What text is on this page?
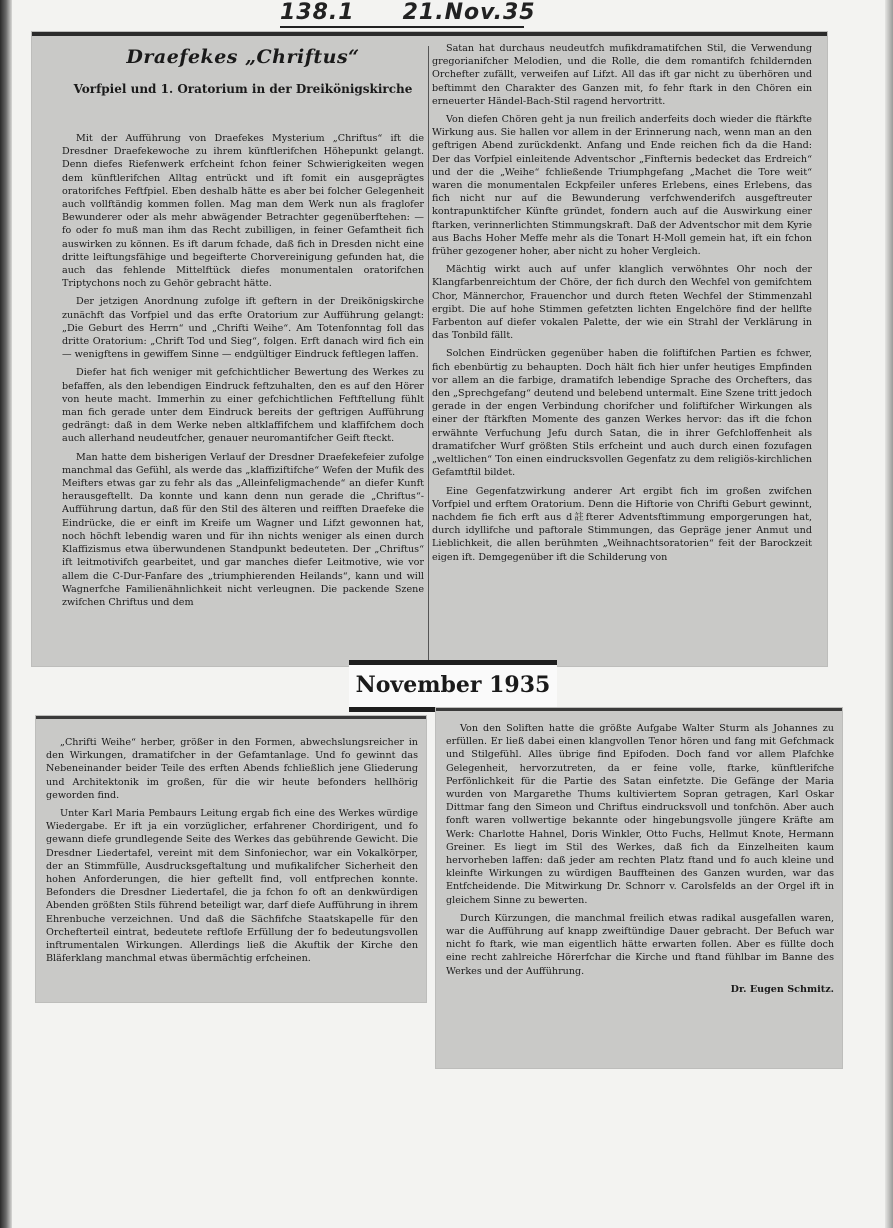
138.1 21.Nov.35
Draefekes „Chriftus“
Vorfpiel und 1. Oratorium in der Dreikönigskirche

Mit der Aufführung von Draefekes Mysterium „Chriftus“ ift die Dresdner Draefekewoche zu ihrem künftlerifchen Höhepunkt gelangt. Denn diefes Riefenwerk erfcheint fchon feiner Schwierigkeiten wegen dem künftlerifchen Alltag entrückt und ift fomit ein ausgeprägtes oratorifches Feftfpiel. Eben deshalb hätte es aber bei folcher Gelegenheit auch vollftändig kommen follen. Mag man dem Werk nun als fraglofer Bewunderer oder als mehr abwägender Betrachter gegenüberftehen: — fo oder fo muß man ihm das Recht zubilligen, in feiner Gefamtheit fich auswirken zu können. Es ift darum fchade, daß fich in Dresden nicht eine dritte leiftungsfähige und begeifterte Chorvereinigung gefunden hat, die auch das fehlende Mittelftück diefes monumentalen oratorifchen Triptychons noch zu Gehör gebracht hätte.

Der jetzigen Anordnung zufolge ift geftern in der Dreikönigskirche zunächft das Vorfpiel und das erfte Oratorium zur Aufführung gelangt: „Die Geburt des Herrn“ und „Chrifti Weihe“. Am Totenfonntag foll das dritte Oratorium: „Chrift Tod und Sieg“, folgen. Erft danach wird fich ein — wenigftens in gewiffem Sinne — endgültiger Eindruck feftlegen laffen.

Diefer hat fich weniger mit gefchichtlicher Bewertung des Werkes zu befaffen, als den lebendigen Eindruck feftzuhalten, den es auf den Hörer von heute macht. Immerhin zu einer gefchichtlichen Feftftellung fühlt man fich gerade unter dem Eindruck bereits der geftrigen Aufführung gedrängt: daß in dem Werke neben altklaffifchem und klaffifchem doch auch allerhand neudeutfcher, genauer neuromantifcher Geift fteckt.

Man hatte dem bisherigen Verlauf der Dresdner Draefekefeier zufolge manchmal das Gefühl, als werde das „klaffiziftifche“ Wefen der Mufik des Meifters etwas gar zu fehr als das „Alleinfeligmachende“ an diefer Kunft herausgeftellt. Da konnte und kann denn nun gerade die „Chriftus“-Aufführung dartun, daß für den Stil des älteren und reifften Draefeke die Eindrücke, die er einft im Kreife um Wagner und Lifzt gewonnen hat, noch höchft lebendig waren und für ihn nichts weniger als einen durch Klaffizismus etwa überwundenen Standpunkt bedeuteten. Der „Chriftus“ ift leitmotivifch gearbeitet, und gar manches diefer Leitmotive, wie vor allem die C-Dur-Fanfare des „triumphierenden Heilands“, kann und will Wagnerfche Familienähnlichkeit nicht verleugnen. Die packende Szene zwifchen Chriftus und dem

Satan hat durchaus neudeutfch mufikdramatifchen Stil, die Verwendung gregorianifcher Melodien, und die Rolle, die dem romantifch fchildernden Orchefter zufällt, verweifen auf Lifzt. All das ift gar nicht zu überhören und beftimmt den Charakter des Ganzen mit, fo fehr ftark in den Chören ein erneuerter Händel-Bach-Stil ragend hervortritt.

Von diefen Chören geht ja nun freilich anderfeits doch wieder die ftärkfte Wirkung aus. Sie hallen vor allem in der Erinnerung nach, wenn man an den geftrigen Abend zurückdenkt. Anfang und Ende reichen fich da die Hand: Der das Vorfpiel einleitende Adventschor „Finfternis bedecket das Erdreich“ und der die „Weihe“ fchließende Triumphgefang „Machet die Tore weit“ waren die monumentalen Eckpfeiler unferes Erlebens, eines Erlebens, das fich nicht nur auf die Bewunderung verfchwenderifch ausgeftreuter kontrapunktifcher Künfte gründet, fondern auch auf die Auswirkung einer ftarken, verinnerlichten Stimmungskraft. Daß der Adventschor mit dem Kyrie aus Bachs Hoher Meffe mehr als die Tonart H-Moll gemein hat, ift ein fchon früher gezogener hoher, aber nicht zu hoher Vergleich.

Mächtig wirkt auch auf unfer klanglich verwöhntes Ohr noch der Klangfarbenreichtum der Chöre, der fich durch den Wechfel von gemifchtem Chor, Männerchor, Frauenchor und durch fteten Wechfel der Stimmenzahl ergibt. Die auf hohe Stimmen gefetzten lichten Engelchöre find der hellfte Farbenton auf diefer vokalen Palette, der wie ein Strahl der Verklärung in das Tonbild fällt.

Solchen Eindrücken gegenüber haben die foliftifchen Partien es fchwer, fich ebenbürtig zu behaupten. Doch hält fich hier unfer heutiges Empfinden vor allem an die farbige, dramatifch lebendige Sprache des Orchefters, das den „Sprechgefang“ deutend und belebend untermalt. Eine Szene tritt jedoch gerade in der engen Verbindung chorifcher und foliftifcher Wirkungen als einer der ftärkften Momente des ganzen Werkes hervor: das ift die fchon erwähnte Verfuchung Jefu durch Satan, die in ihrer Gefchloffenheit als dramatifcher Wurf größten Stils erfcheint und auch durch einen fozufagen „weltlichen“ Ton einen eindrucksvollen Gegenfatz zu dem religiös-kirchlichen Gefamtftil bildet.

Eine Gegenfatzwirkung anderer Art ergibt fich im großen zwifchen Vorfpiel und erftem Oratorium. Denn die Hiftorie von Chrifti Geburt gewinnt, nachdem fie fich erft aus d註fterer Adventsftimmung emporgerungen hat, durch idyllifche und paftorale Stimmungen, das Gepräge jener Anmut und Lieblichkeit, die allen berühmten „Weihnachtsoratorien“ feit der Barockzeit eigen ift. Demgegenüber ift die Schilderung von

November 1935

„Chrifti Weihe“ herber, größer in den Formen, abwechslungsreicher in den Wirkungen, dramatifcher in der Gefamtanlage. Und fo gewinnt das Nebeneinander beider Teile des erften Abends fchließlich jene Gliederung und Architektonik im großen, für die wir heute befonders hellhörig geworden find.

Unter Karl Maria Pembaurs Leitung ergab fich eine des Werkes würdige Wiedergabe. Er ift ja ein vorzüglicher, erfahrener Chordirigent, und fo gewann diefe grundlegende Seite des Werkes das gebührende Gewicht. Die Dresdner Liedertafel, vereint mit dem Sinfoniechor, war ein Vokalkörper, der an Stimmfülle, Ausdrucksgeftaltung und mufikalifcher Sicherheit den hohen Anforderungen, die hier geftellt find, voll entfprechen konnte. Befonders die Dresdner Liedertafel, die ja fchon fo oft an denkwürdigen Abenden größten Stils führend beteiligt war, darf diefe Aufführung in ihrem Ehrenbuche verzeichnen. Und daß die Sächfifche Staatskapelle für den Orchefterteil eintrat, bedeutete reftlofe Erfüllung der fo bedeutungsvollen inftrumentalen Wirkungen. Allerdings ließ die Akuftik der Kirche den Bläferklang manchmal etwas übermächtig erfcheinen.

Von den Soliften hatte die größte Aufgabe Walter Sturm als Johannes zu erfüllen. Er ließ dabei einen klangvollen Tenor hören und fang mit Gefchmack und Stilgefühl. Alles übrige find Epifoden. Doch fand vor allem Plafchke Gelegenheit, hervorzutreten, da er feine volle, ftarke, künftlerifche Perfönlichkeit für die Partie des Satan einfetzte. Die Gefänge der Maria wurden von Margarethe Thums kultiviertem Sopran getragen, Karl Oskar Dittmar fang den Simeon und Chriftus eindrucksvoll und tonfchön. Aber auch fonft waren vollwertige bekannte oder hingebungsvolle jüngere Kräfte am Werk: Charlotte Hahnel, Doris Winkler, Otto Fuchs, Hellmut Knote, Hermann Greiner. Es liegt im Stil des Werkes, daß fich da Einzelheiten kaum hervorheben laffen: daß jeder am rechten Platz ftand und fo auch kleine und kleinfte Wirkungen zu würdigen Bauffteinen des Ganzen wurden, war das Entfcheidende. Die Mitwirkung Dr. Schnorr v. Carolsfelds an der Orgel ift in gleichem Sinne zu bewerten.

Durch Kürzungen, die manchmal freilich etwas radikal ausgefallen waren, war die Aufführung auf knapp zweiftündige Dauer gebracht. Der Befuch war nicht fo ftark, wie man eigentlich hätte erwarten follen. Aber es füllte doch eine recht zahlreiche Hörerfchar die Kirche und ftand fühlbar im Banne des Werkes und der Aufführung.

Dr. Eugen Schmitz.
